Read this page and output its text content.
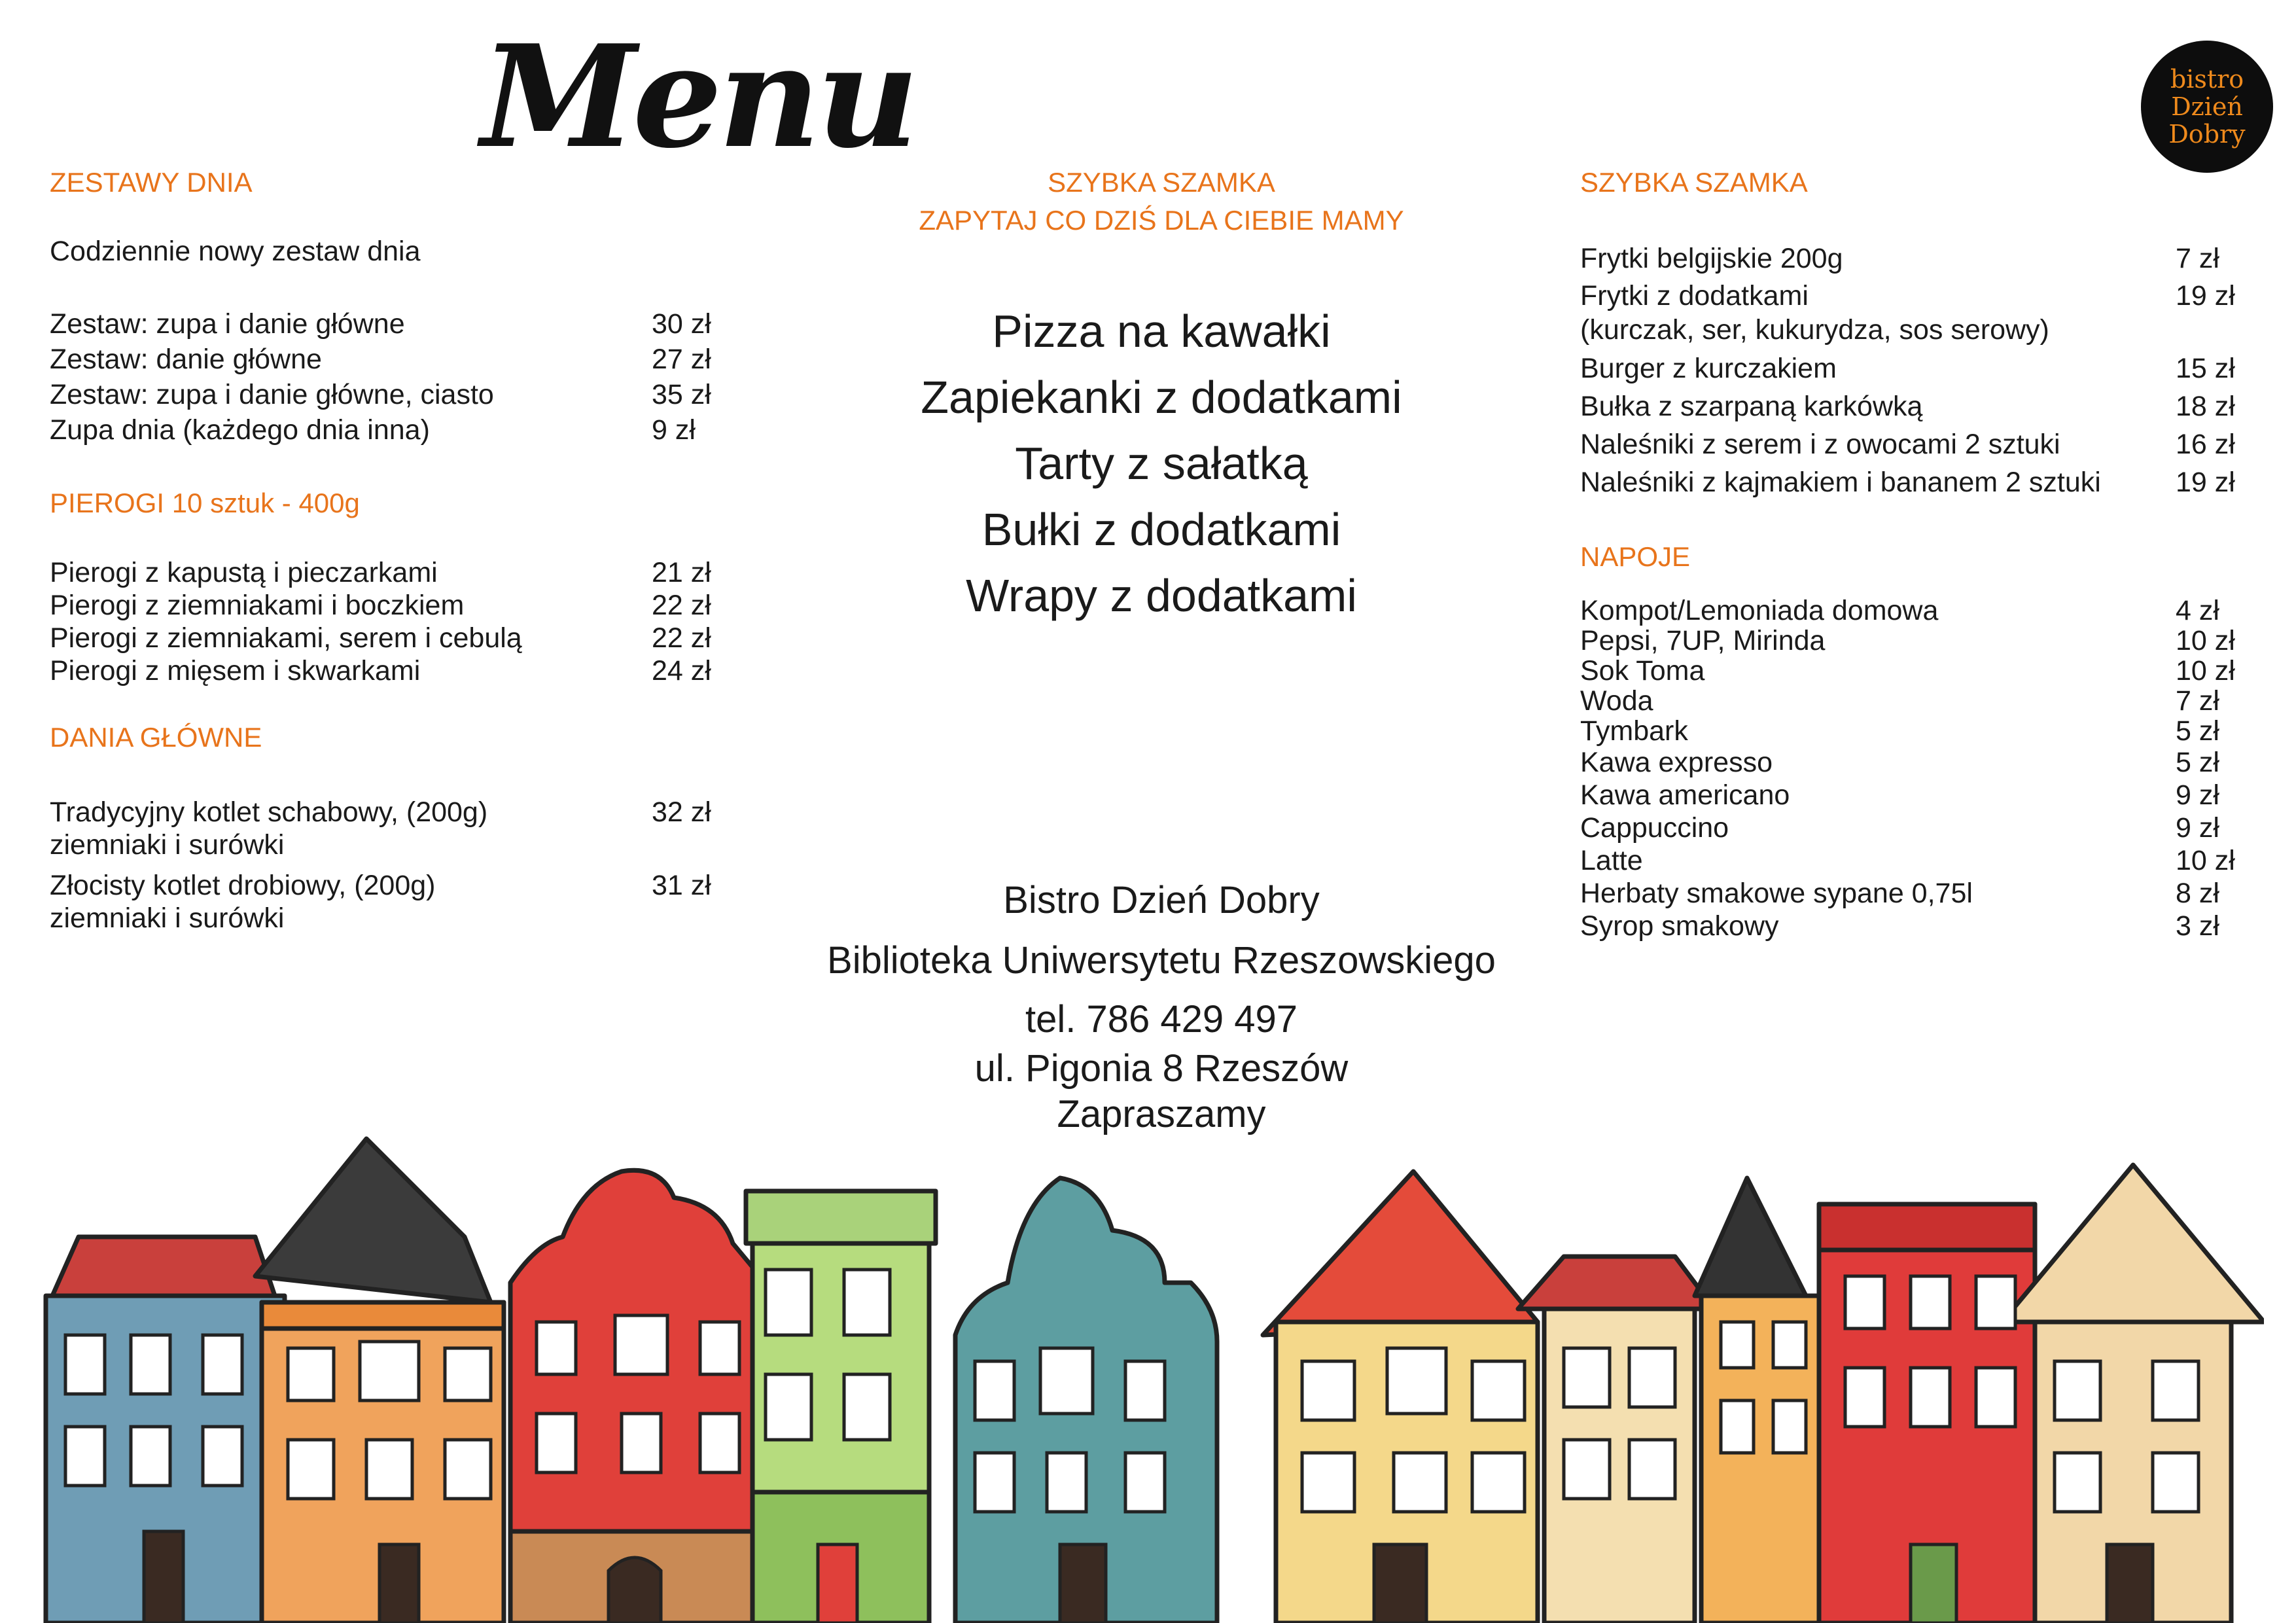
Menu	bistro
Dzień
Dobry
ZESTAWY DNIA
Codziennie nowy zestaw dnia
Zestaw: zupa i danie główne	30 zł
Zestaw: danie główne	27 zł
Zestaw: zupa i danie główne, ciasto	35 zł
Zupa dnia (każdego dnia inna)	9 zł
PIEROGI 10 sztuk - 400g
Pierogi z kapustą i pieczarkami	21 zł
Pierogi z ziemniakami i boczkiem	22 zł
Pierogi z ziemniakami, serem i cebulą	22 zł
Pierogi z mięsem i skwarkami	24 zł
DANIA GŁÓWNE
Tradycyjny kotlet schabowy, (200g)
ziemniaki i surówki
32 zł
Złocisty kotlet drobiowy, (200g)
ziemniaki i surówki
31 zł
SZYBKA SZAMKA
ZAPYTAJ CO DZIŚ DLA CIEBIE MAMY
Pizza na kawałki
Zapiekanki z dodatkami
Tarty z sałatką
Bułki z dodatkami
Wrapy z dodatkami
Bistro Dzień Dobry
Biblioteka Uniwersytetu Rzeszowskiego
tel. 786 429 497
ul. Pigonia 8 Rzeszów
Zapraszamy
SZYBKA SZAMKA
Frytki belgijskie 200g	7 zł
Frytki z dodatkami
(kurczak, ser, kukurydza, sos serowy)
19 zł
Burger z kurczakiem	15 zł
Bułka z szarpaną karkówką	18 zł
Naleśniki z serem i z owocami 2 sztuki	16 zł
Naleśniki z kajmakiem i bananem 2 sztuki	19 zł
NAPOJE
Kompot/Lemoniada domowa	4 zł
Pepsi, 7UP, Mirinda	10 zł
Sok Toma	10 zł
Woda	7 zł
Tymbark	5 zł
Kawa expresso	5 zł
Kawa americano	9 zł
Cappuccino	9 zł
Latte	10 zł
Herbaty smakowe sypane 0,75l	8 zł
Syrop smakowy	3 zł
